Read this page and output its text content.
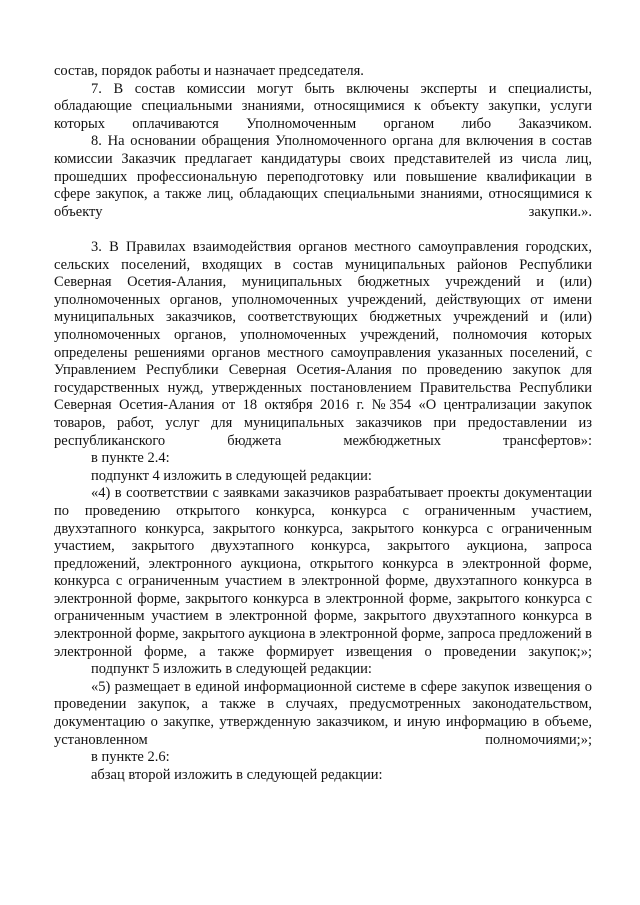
состав, порядок работы и назначает председателя.

7. В состав комиссии могут быть включены эксперты и специалисты, обладающие специальными знаниями, относящимися к объекту закупки, услуги которых оплачиваются Уполномоченным органом либо Заказчиком.

8. На основании обращения Уполномоченного органа для включения в состав комиссии Заказчик предлагает кандидатуры своих представителей из числа лиц, прошедших профессиональную переподготовку или повышение квалификации в сфере закупок, а также лиц, обладающих специальными знаниями, относящимися к объекту закупки.».

3. В Правилах взаимодействия органов местного самоуправления городских, сельских поселений, входящих в состав муниципальных районов Республики Северная Осетия-Алания, муниципальных бюджетных учреждений и (или) уполномоченных органов, уполномоченных учреждений, действующих от имени муниципальных заказчиков, соответствующих бюджетных учреждений и (или) уполномоченных органов, уполномоченных учреждений, полномочия которых определены решениями органов местного самоуправления указанных поселений, с Управлением Республики Северная Осетия-Алания по проведению закупок для государственных нужд, утвержденных постановлением Правительства Республики Северная Осетия-Алания от 18 октября 2016 г. №354 «О централизации закупок товаров, работ, услуг для муниципальных заказчиков при предоставлении из республиканского бюджета межбюджетных трансфертов»:

в пункте 2.4:

подпункт 4 изложить в следующей редакции:

«4) в соответствии с заявками заказчиков разрабатывает проекты документации по проведению открытого конкурса, конкурса с ограниченным участием, двухэтапного конкурса, закрытого конкурса, закрытого конкурса с ограниченным участием, закрытого двухэтапного конкурса, закрытого аукциона, запроса предложений, электронного аукциона, открытого конкурса в электронной форме, конкурса с ограниченным участием в электронной форме, двухэтапного конкурса в электронной форме, закрытого конкурса в электронной форме, закрытого конкурса с ограниченным участием в электронной форме, закрытого двухэтапного конкурса в электронной форме, закрытого аукциона в электронной форме, запроса предложений в электронной форме, а также формирует извещения о проведении закупок;»;

подпункт 5 изложить в следующей редакции:

«5) размещает в единой информационной системе в сфере закупок извещения о проведении закупок, а также в случаях, предусмотренных законодательством, документацию о закупке, утвержденную заказчиком, и иную информацию в объеме, установленном полномочиями;»;

в пункте 2.6:

абзац второй изложить в следующей редакции:
